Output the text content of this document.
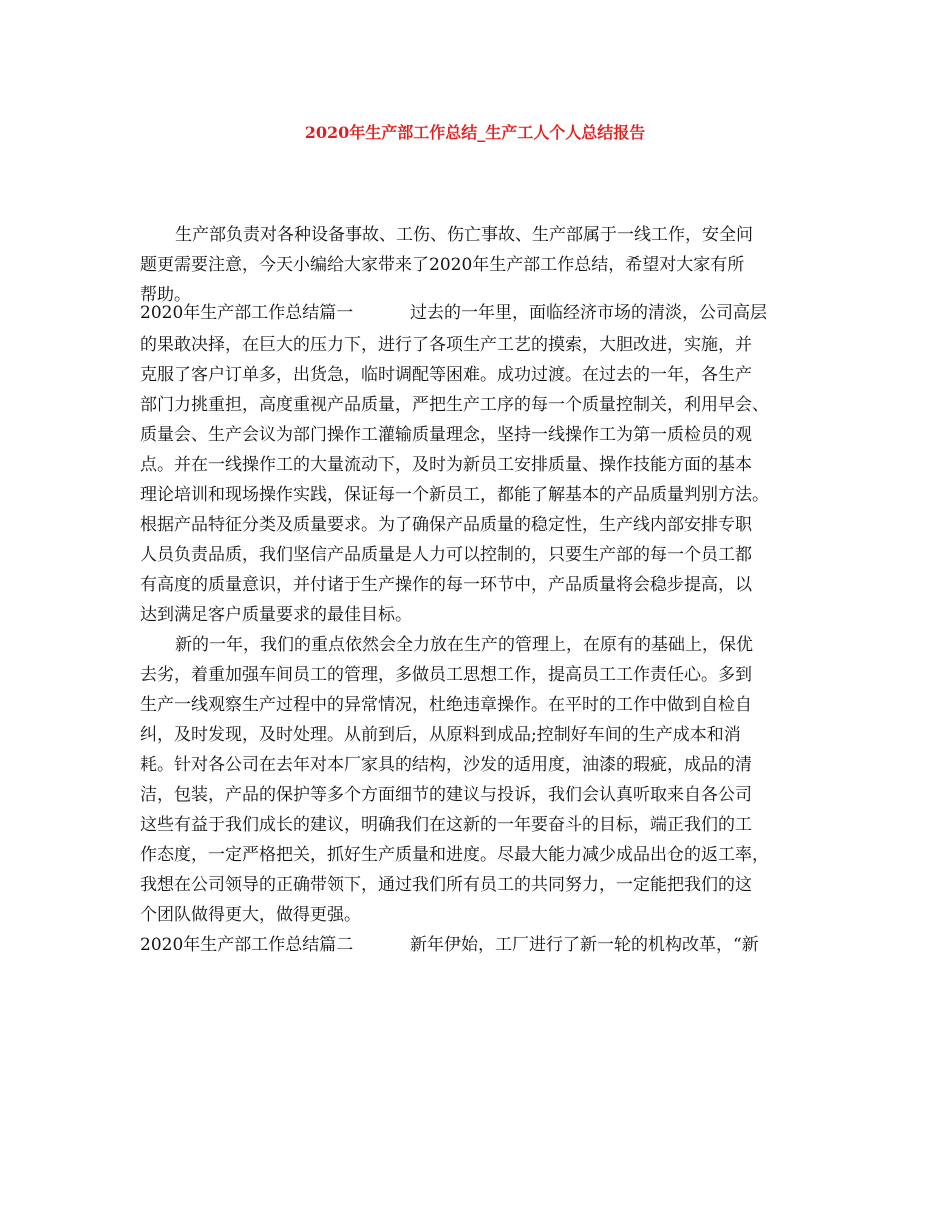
2020年生产部工作总结_生产工人个人总结报告
生产部负责对各种设备事故、工伤、伤亡事故、生产部属于一线工作，安全问
题更需要注意，今天小编给大家带来了2020年生产部工作总结，希望对大家有所
帮助。
2020年生产部工作总结篇一	过去的一年里，面临经济市场的清淡，公司高层
的果敢决择，在巨大的压力下，进行了各项生产工艺的摸索，大胆改进，实施，并
克服了客户订单多，出货急，临时调配等困难。成功过渡。在过去的一年，各生产
部门力挑重担，高度重视产品质量，严把生产工序的每一个质量控制关，利用早会、
质量会、生产会议为部门操作工灌输质量理念，坚持一线操作工为第一质检员的观
点。并在一线操作工的大量流动下，及时为新员工安排质量、操作技能方面的基本
理论培训和现场操作实践，保证每一个新员工，都能了解基本的产品质量判别方法。
根据产品特征分类及质量要求。为了确保产品质量的稳定性，生产线内部安排专职
人员负责品质，我们坚信产品质量是人力可以控制的，只要生产部的每一个员工都
有高度的质量意识，并付诸于生产操作的每一环节中，产品质量将会稳步提高，以
达到满足客户质量要求的最佳目标。
新的一年，我们的重点依然会全力放在生产的管理上，在原有的基础上，保优
去劣，着重加强车间员工的管理，多做员工思想工作，提高员工工作责任心。多到
生产一线观察生产过程中的异常情况，杜绝违章操作。在平时的工作中做到自检自
纠，及时发现，及时处理。从前到后，从原料到成品;控制好车间的生产成本和消
耗。针对各公司在去年对本厂家具的结构，沙发的适用度，油漆的瑕疵，成品的清
洁，包装，产品的保护等多个方面细节的建议与投诉，我们会认真听取来自各公司
这些有益于我们成长的建议，明确我们在这新的一年要奋斗的目标，端正我们的工
作态度，一定严格把关，抓好生产质量和进度。尽最大能力减少成品出仓的返工率，
我想在公司领导的正确带领下，通过我们所有员工的共同努力，一定能把我们的这
个团队做得更大，做得更强。
2020年生产部工作总结篇二	新年伊始，工厂进行了新一轮的机构改革，“新
